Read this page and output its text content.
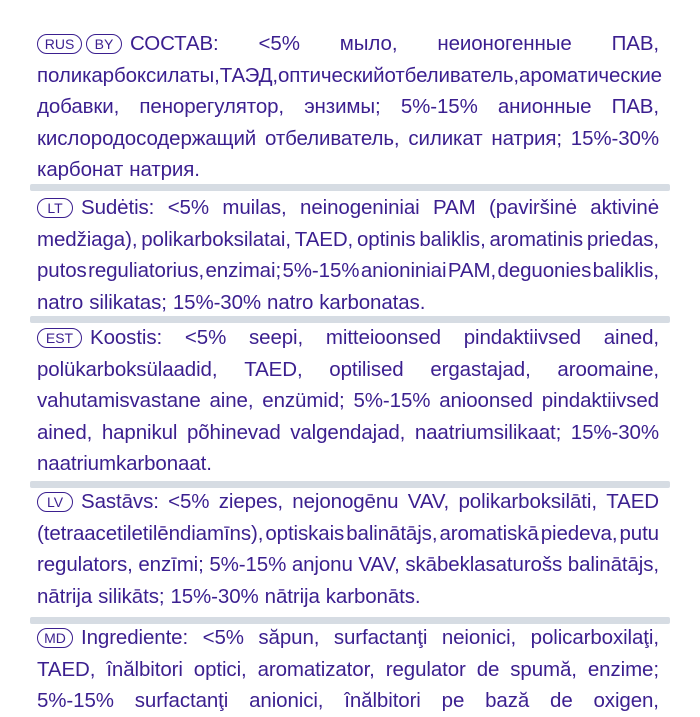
RUS	BY СОСТАВ: <5% мыло, неионогенные ПАВ,
поликарбоксилаты, ТАЭД, оптический отбеливатель, ароматические
добавки, пенорегулятор, энзимы; 5%-15% анионные ПАВ,
кислородосодержащий отбеливатель, силикат натрия; 15%-30%
карбонат натрия.
LT Sudėtis: <5% muilas, neinogeniniai PAM (paviršinė aktivinė
medžiaga), polikarboksilatai, TAED, optinis baliklis, aromatinis priedas,
putos reguliatorius, enzimai; 5%-15% anioniniai PAM, deguonies baliklis,
natro silikatas; 15%-30% natro karbonatas.
EST Koostis: <5% seepi, mitteioonsed pindaktiivsed ained,
polükarboksülaadid, TAED, optilised ergastajad, aroomaine,
vahutamisvastane aine, enzümid; 5%-15% anioonsed pindaktiivsed
ained, hapnikul põhinevad valgendajad, naatriumsilikaat; 15%-30%
naatriumkarbonaat.
LV Sastāvs: <5% ziepes, nejonogēnu VAV, polikarboksilāti, TAED
(tetraacetiletilēndiamīns), optiskais balinātājs, aromatiskā piedeva, putu
regulators, enzīmi; 5%-15% anjonu VAV, skābeklasaturošs balinātājs,
nātrija silikāts; 15%-30% nātrija karbonāts.
MD Ingrediente: <5% săpun, surfactanţi neionici, policarboxilaţi,
TAED, înălbitori optici, aromatizator, regulator de spumă, enzime;
5%-15% surfactanţi anionici, înălbitori pe bază de oxigen,
